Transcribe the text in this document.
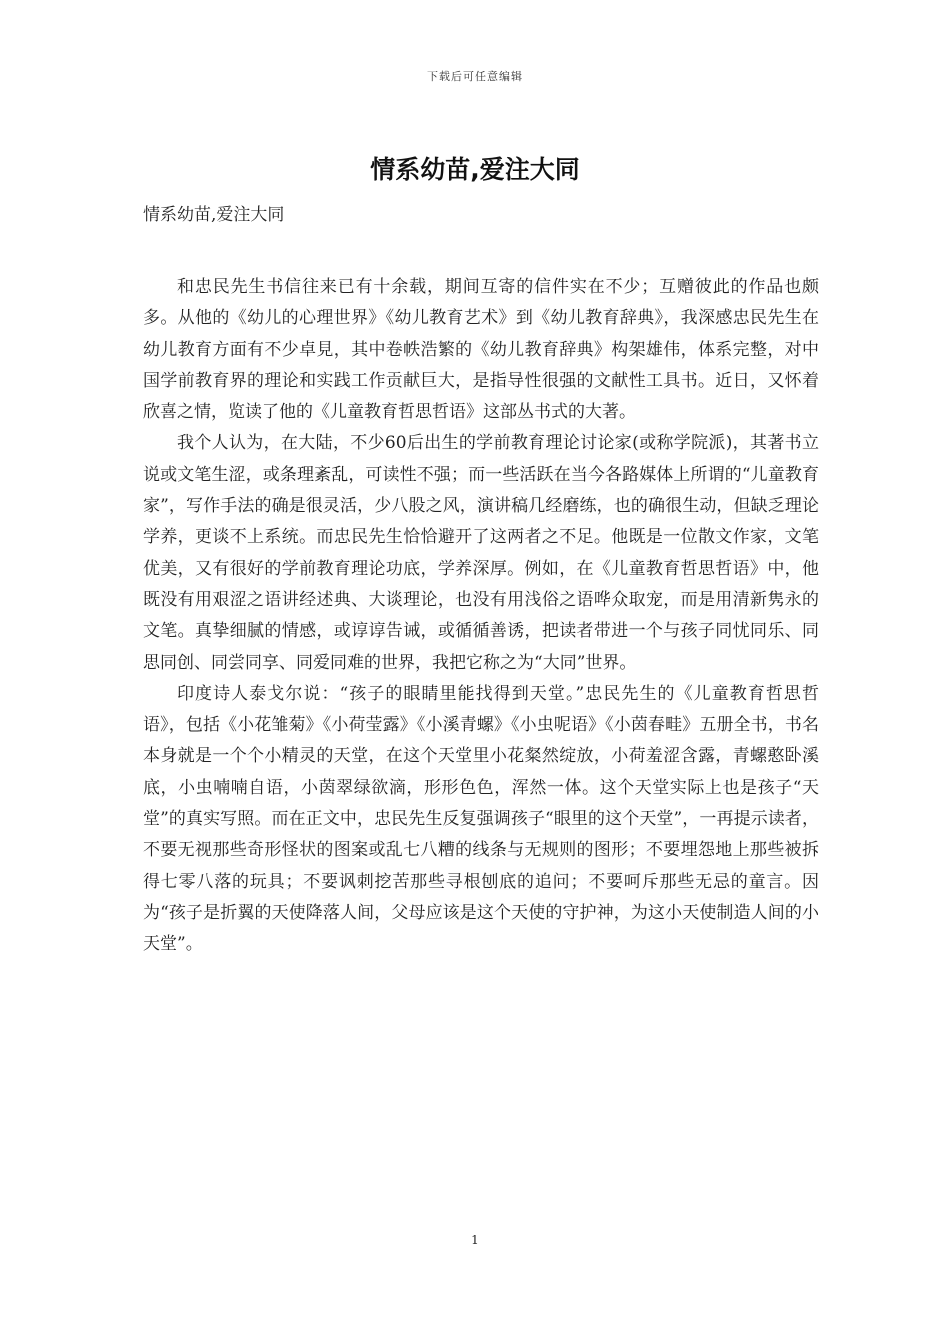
下载后可任意编辑
情系幼苗,爱注大同
情系幼苗,爱注大同

和忠民先生书信往来已有十余载，期间互寄的信件实在不少；互赠彼此的作品也颇多。从他的《幼儿的心理世界》《幼儿教育艺术》到《幼儿教育辞典》，我深感忠民先生在幼儿教育方面有不少卓見，其中卷帙浩繁的《幼儿教育辞典》构架雄伟，体系完整，对中国学前教育界的理论和实践工作贡献巨大，是指导性很强的文献性工具书。近日，又怀着欣喜之情，览读了他的《儿童教育哲思哲语》这部丛书式的大著。

我个人认为，在大陆，不少60后出生的学前教育理论讨论家(或称学院派)，其著书立说或文笔生涩，或条理紊乱，可读性不强；而一些活跃在当今各路媒体上所谓的“儿童教育家”，写作手法的确是很灵活，少八股之风，演讲稿几经磨练，也的确很生动，但缺乏理论学养，更谈不上系统。而忠民先生恰恰避开了这两者之不足。他既是一位散文作家，文笔优美，又有很好的学前教育理论功底，学养深厚。例如，在《儿童教育哲思哲语》中，他既没有用艰涩之语讲经述典、大谈理论，也没有用浅俗之语哗众取宠，而是用清新隽永的文笔。真挚细腻的情感，或谆谆告诫，或循循善诱，把读者带进一个与孩子同忧同乐、同思同创、同尝同享、同爱同难的世界，我把它称之为“大同”世界。

印度诗人泰戈尔说：“孩子的眼睛里能找得到天堂。”忠民先生的《儿童教育哲思哲语》，包括《小花雏菊》《小荷莹露》《小溪青螺》《小虫呢语》《小茵春畦》五册全书，书名本身就是一个个小精灵的天堂，在这个天堂里小花粲然绽放，小荷羞涩含露，青螺憨卧溪底，小虫喃喃自语，小茵翠绿欲滴，形形色色，浑然一体。这个天堂实际上也是孩子“天堂”的真实写照。而在正文中，忠民先生反复强调孩子“眼里的这个天堂”，一再提示读者，不要无视那些奇形怪状的图案或乱七八糟的线条与无规则的图形；不要埋怨地上那些被拆得七零八落的玩具；不要讽刺挖苦那些寻根刨底的追问；不要呵斥那些无忌的童言。因为“孩子是折翼的天使降落人间，父母应该是这个天使的守护神，为这小天使制造人间的小天堂”。

1
